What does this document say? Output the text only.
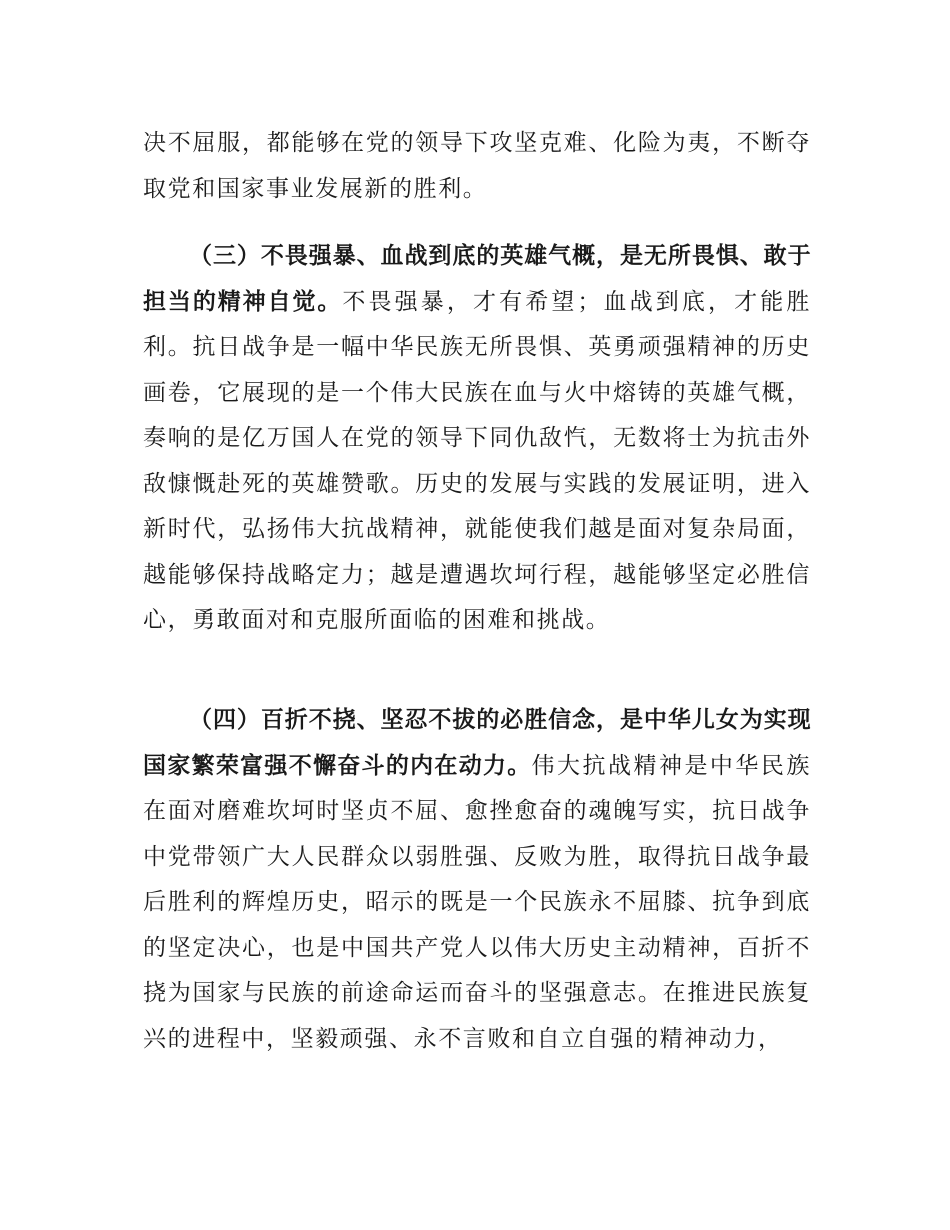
决不屈服，都能够在党的领导下攻坚克难、化险为夷，不断夺取党和国家事业发展新的胜利。

（三）不畏强暴、血战到底的英雄气概，是无所畏惧、敢于担当的精神自觉。不畏强暴，才有希望；血战到底，才能胜利。抗日战争是一幅中华民族无所畏惧、英勇顽强精神的历史画卷，它展现的是一个伟大民族在血与火中熔铸的英雄气概，奏响的是亿万国人在党的领导下同仇敌忾，无数将士为抗击外敌慷慨赴死的英雄赞歌。历史的发展与实践的发展证明，进入新时代，弘扬伟大抗战精神，就能使我们越是面对复杂局面，越能够保持战略定力；越是遭遇坎坷行程，越能够坚定必胜信心，勇敢面对和克服所面临的困难和挑战。

（四）百折不挠、坚忍不拔的必胜信念，是中华儿女为实现国家繁荣富强不懈奋斗的内在动力。伟大抗战精神是中华民族在面对磨难坎坷时坚贞不屈、愈挫愈奋的魂魄写实，抗日战争中党带领广大人民群众以弱胜强、反败为胜，取得抗日战争最后胜利的辉煌历史，昭示的既是一个民族永不屈膝、抗争到底的坚定决心，也是中国共产党人以伟大历史主动精神，百折不挠为国家与民族的前途命运而奋斗的坚强意志。在推进民族复兴的进程中，坚毅顽强、永不言败和自立自强的精神动力，
